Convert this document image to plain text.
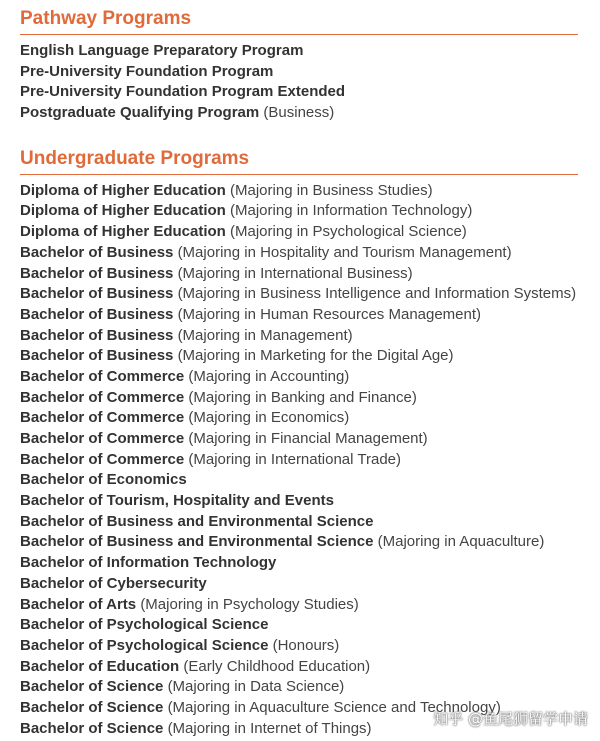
Pathway Programs
English Language Preparatory Program
Pre-University Foundation Program
Pre-University Foundation Program Extended
Postgraduate Qualifying Program (Business)
Undergraduate Programs
Diploma of Higher Education (Majoring in Business Studies)
Diploma of Higher Education (Majoring in Information Technology)
Diploma of Higher Education (Majoring in Psychological Science)
Bachelor of Business (Majoring in Hospitality and Tourism Management)
Bachelor of Business (Majoring in International Business)
Bachelor of Business (Majoring in Business Intelligence and Information Systems)
Bachelor of Business (Majoring in Human Resources Management)
Bachelor of Business (Majoring in Management)
Bachelor of Business (Majoring in Marketing for the Digital Age)
Bachelor of Commerce (Majoring in Accounting)
Bachelor of Commerce (Majoring in Banking and Finance)
Bachelor of Commerce (Majoring in Economics)
Bachelor of Commerce (Majoring in Financial Management)
Bachelor of Commerce (Majoring in International Trade)
Bachelor of Economics
Bachelor of Tourism, Hospitality and Events
Bachelor of Business and Environmental Science
Bachelor of Business and Environmental Science (Majoring in Aquaculture)
Bachelor of Information Technology
Bachelor of Cybersecurity
Bachelor of Arts (Majoring in Psychology Studies)
Bachelor of Psychological Science
Bachelor of Psychological Science (Honours)
Bachelor of Education (Early Childhood Education)
Bachelor of Science (Majoring in Data Science)
Bachelor of Science (Majoring in Aquaculture Science and Technology)
Bachelor of Science (Majoring in Internet of Things)
知乎 @鱼尾狮留学申请
